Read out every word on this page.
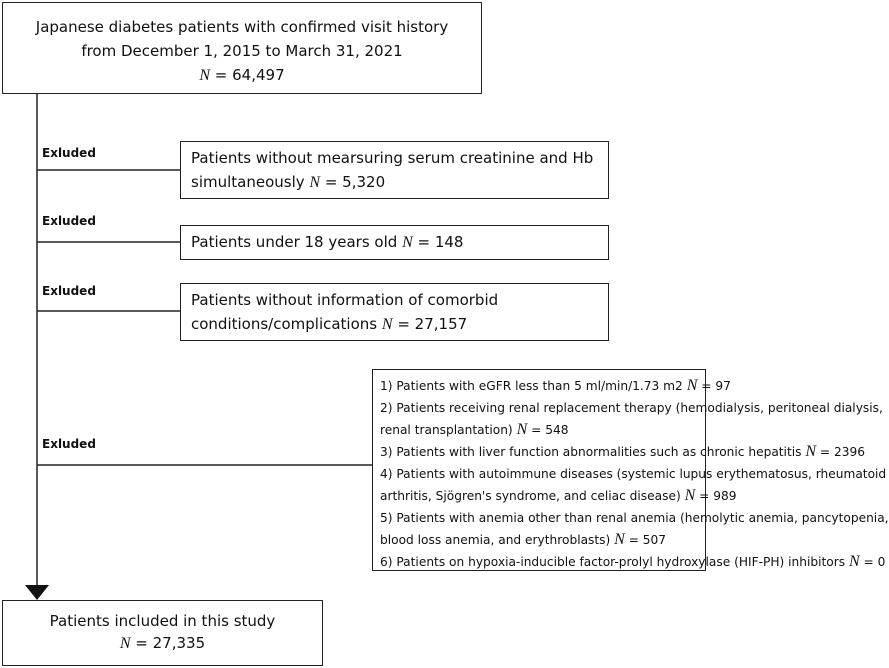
Japanese diabetes patients with confirmed visit history
from December 1, 2015 to March 31, 2021
N = 64,497
Exluded	Patients without mearsuring serum creatinine and Hb
simultaneously N = 5,320
Exluded
Patients under 18 years old N = 148
Exluded	Patients without information of comorbid
conditions/complications N = 27,157
Exluded
1) Patients with eGFR less than 5 ml/min/1.73 m2 N = 97
2) Patients receiving renal replacement therapy (hemodialysis, peritoneal dialysis,
renal transplantation) N = 548
3) Patients with liver function abnormalities such as chronic hepatitis N = 2396
4) Patients with autoimmune diseases (systemic lupus erythematosus, rheumatoid
arthritis, Sjögren's syndrome, and celiac disease) N = 989
5) Patients with anemia other than renal anemia (hemolytic anemia, pancytopenia,
blood loss anemia, and erythroblasts) N = 507
6) Patients on hypoxia-inducible factor-prolyl hydroxylase (HIF-PH) inhibitors N = 0
Patients included in this study
N = 27,335
